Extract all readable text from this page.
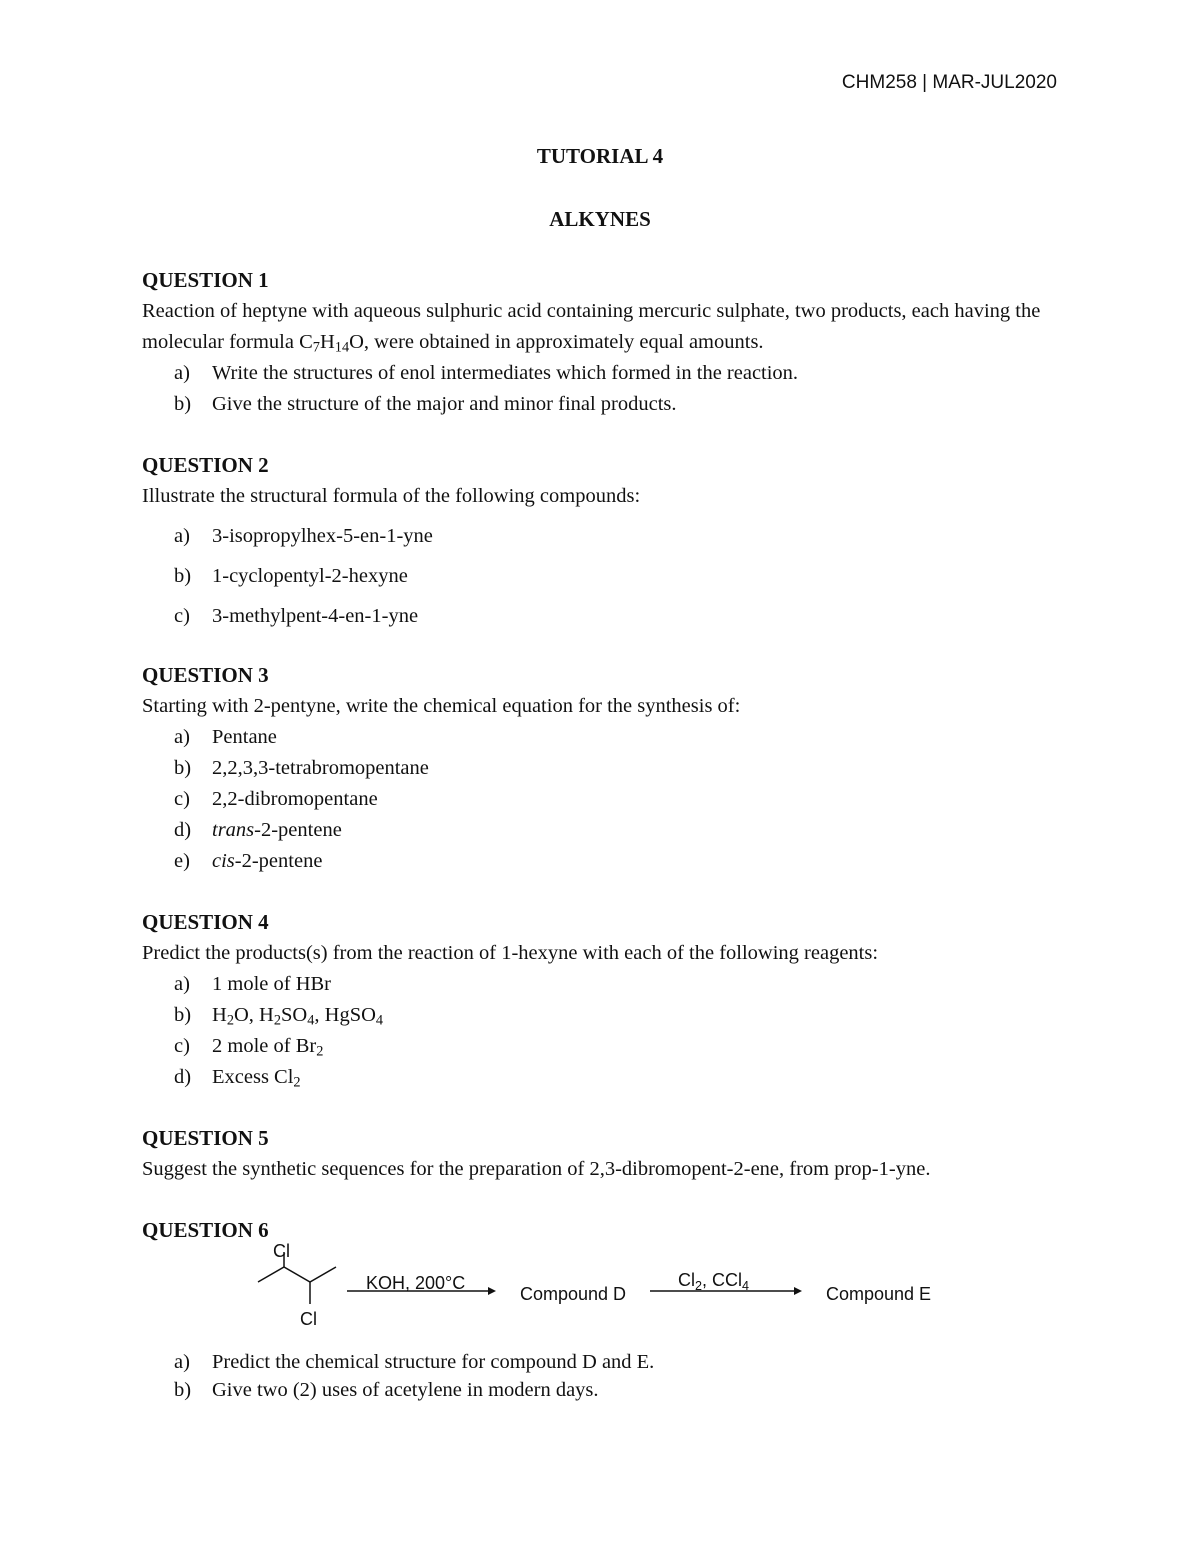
CHM258 | MAR-JUL2020
TUTORIAL 4
ALKYNES
QUESTION 1

Reaction of heptyne with aqueous sulphuric acid containing mercuric sulphate, two products, each having the molecular formula $C_7H_{14}O$, were obtained in approximately equal amounts.

a)	Write the structures of enol intermediates which formed in the reaction.
b)	Give the structure of the major and minor final products.
QUESTION 2

Illustrate the structural formula of the following compounds:

a)	3-isopropylhex-5-en-1-yne
b)	1-cyclopentyl-2-hexyne
c)	3-methylpent-4-en-1-yne
QUESTION 3

Starting with 2-pentyne, write the chemical equation for the synthesis of:

a)	Pentane
b)	2,2,3,3-tetrabromopentane
c)	2,2-dibromopentane
d)	trans-2-pentene
e)	cis-2-pentene
QUESTION 4

Predict the products(s) from the reaction of 1-hexyne with each of the following reagents:

a)	1 mole of HBr
b)	$H_2O$, $H_2SO_4$, HgSO$_4$
c)	2 mole of $Br_2$
d)	Excess $Cl_2$
QUESTION 5

Suggest the synthetic sequences for the preparation of 2,3-dibromopent-2-ene, from prop-1-yne.

QUESTION 6
Cl
Cl
KOH, 200°C
Compound D
$Cl_2$, CCl$_4$	Compound E
a)	Predict the chemical structure for compound D and E.
b)	Give two (2) uses of acetylene in modern days.
